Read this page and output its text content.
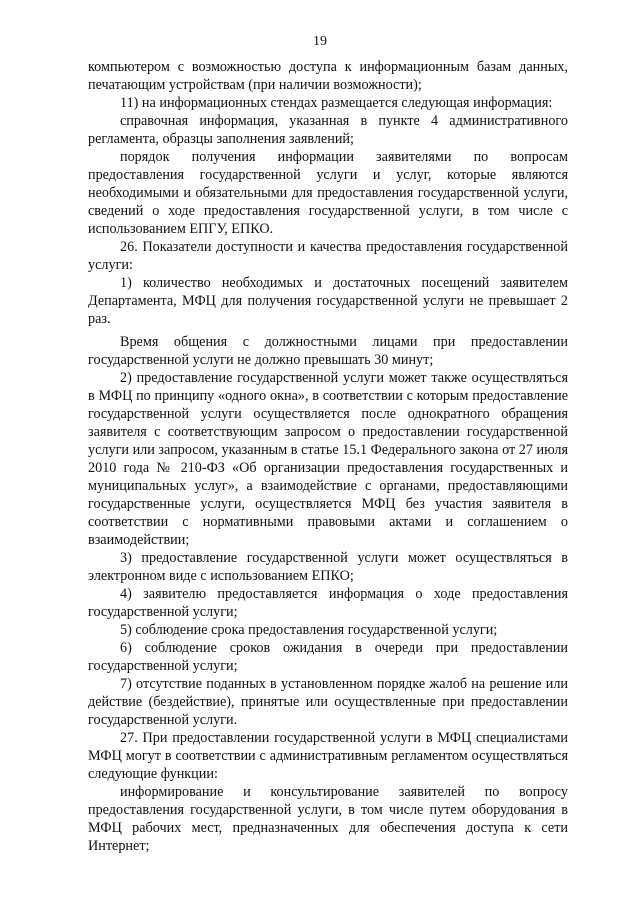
19

компьютером с возможностью доступа к информационным базам данных, печатающим устройствам (при наличии возможности);

11) на информационных стендах размещается следующая информация:

справочная информация, указанная в пункте 4 административного регламента, образцы заполнения заявлений;

порядок получения информации заявителями по вопросам предоставления государственной услуги и услуг, которые являются необходимыми и обязательными для предоставления государственной услуги, сведений о ходе предоставления государственной услуги, в том числе с использованием ЕПГУ, ЕПКО.

26. Показатели доступности и качества предоставления государственной услуги:

1) количество необходимых и достаточных посещений заявителем Департамента, МФЦ для получения государственной услуги не превышает 2 раз.

Время общения с должностными лицами при предоставлении государственной услуги не должно превышать 30 минут;

2) предоставление государственной услуги может также осуществляться в МФЦ по принципу «одного окна», в соответствии с которым предоставление государственной услуги осуществляется после однократного обращения заявителя с соответствующим запросом о предоставлении государственной услуги или запросом, указанным в статье 15.1 Федерального закона от 27 июля 2010 года № 210-ФЗ «Об организации предоставления государственных и муниципальных услуг», а взаимодействие с органами, предоставляющими государственные услуги, осуществляется МФЦ без участия заявителя в соответствии с нормативными правовыми актами и соглашением о взаимодействии;

3) предоставление государственной услуги может осуществляться в электронном виде с использованием ЕПКО;

4) заявителю предоставляется информация о ходе предоставления государственной услуги;

5) соблюдение срока предоставления государственной услуги;

6) соблюдение сроков ожидания в очереди при предоставлении государственной услуги;

7) отсутствие поданных в установленном порядке жалоб на решение или действие (бездействие), принятые или осуществленные при предоставлении государственной услуги.

27. При предоставлении государственной услуги в МФЦ специалистами МФЦ могут в соответствии с административным регламентом осуществляться следующие функции:

информирование и консультирование заявителей по вопросу предоставления государственной услуги, в том числе путем оборудования в МФЦ рабочих мест, предназначенных для обеспечения доступа к сети Интернет;
